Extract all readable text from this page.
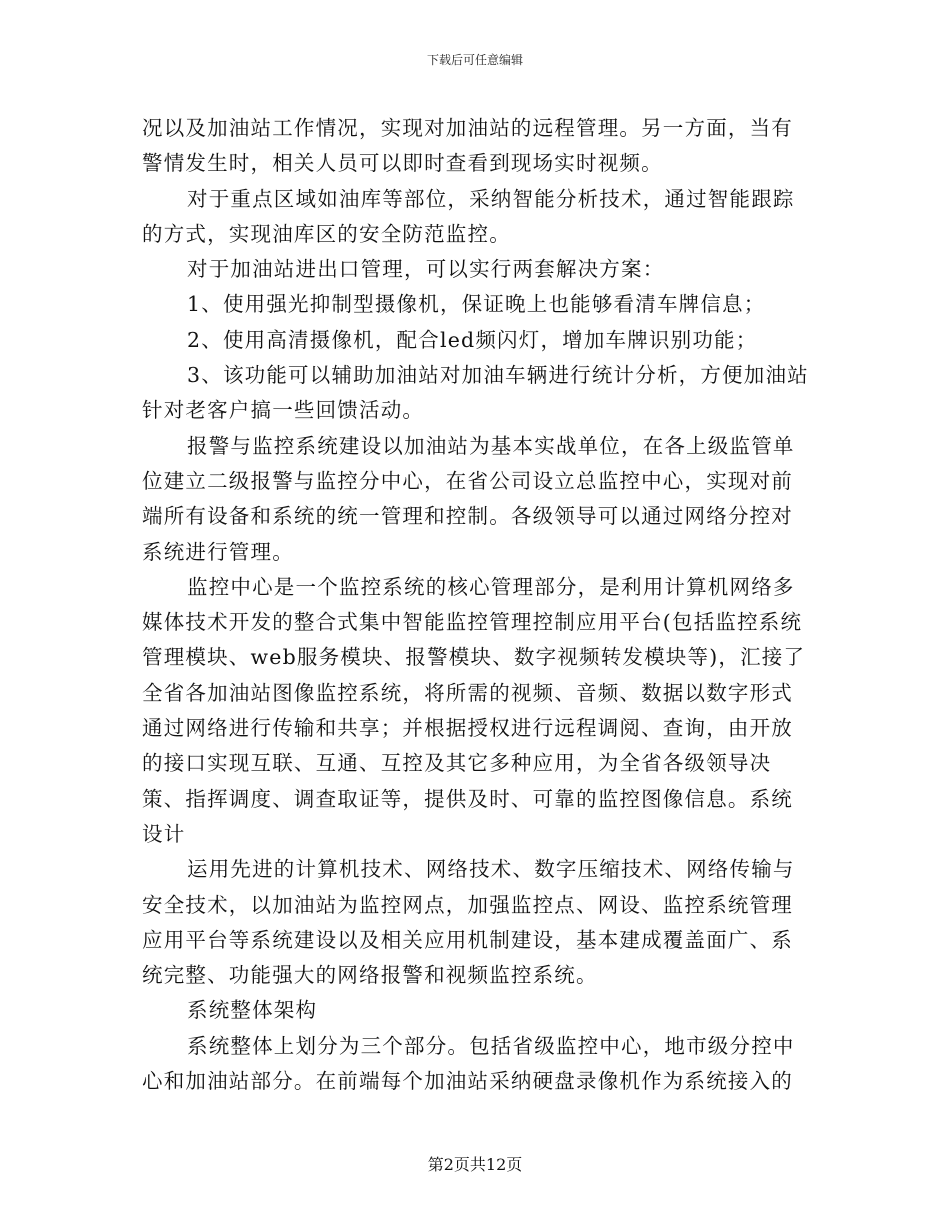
下载后可任意编辑

况以及加油站工作情况，实现对加油站的远程管理。另一方面，当有警情发生时，相关人员可以即时查看到现场实时视频。

对于重点区域如油库等部位，采纳智能分析技术，通过智能跟踪的方式，实现油库区的安全防范监控。

对于加油站进出口管理，可以实行两套解决方案：

1、使用强光抑制型摄像机，保证晚上也能够看清车牌信息；

2、使用高清摄像机，配合led频闪灯，增加车牌识别功能；

3、该功能可以辅助加油站对加油车辆进行统计分析，方便加油站针对老客户搞一些回馈活动。

报警与监控系统建设以加油站为基本实战单位，在各上级监管单位建立二级报警与监控分中心，在省公司设立总监控中心，实现对前端所有设备和系统的统一管理和控制。各级领导可以通过网络分控对系统进行管理。

监控中心是一个监控系统的核心管理部分，是利用计算机网络多媒体技术开发的整合式集中智能监控管理控制应用平台(包括监控系统管理模块、web服务模块、报警模块、数字视频转发模块等)，汇接了全省各加油站图像监控系统，将所需的视频、音频、数据以数字形式通过网络进行传输和共享；并根据授权进行远程调阅、查询，由开放的接口实现互联、互通、互控及其它多种应用，为全省各级领导决策、指挥调度、调查取证等，提供及时、可靠的监控图像信息。系统设计

运用先进的计算机技术、网络技术、数字压缩技术、网络传输与安全技术，以加油站为监控网点，加强监控点、网设、监控系统管理应用平台等系统建设以及相关应用机制建设，基本建成覆盖面广、系统完整、功能强大的网络报警和视频监控系统。

系统整体架构

系统整体上划分为三个部分。包括省级监控中心，地市级分控中心和加油站部分。在前端每个加油站采纳硬盘录像机作为系统接入的

第2页共12页
